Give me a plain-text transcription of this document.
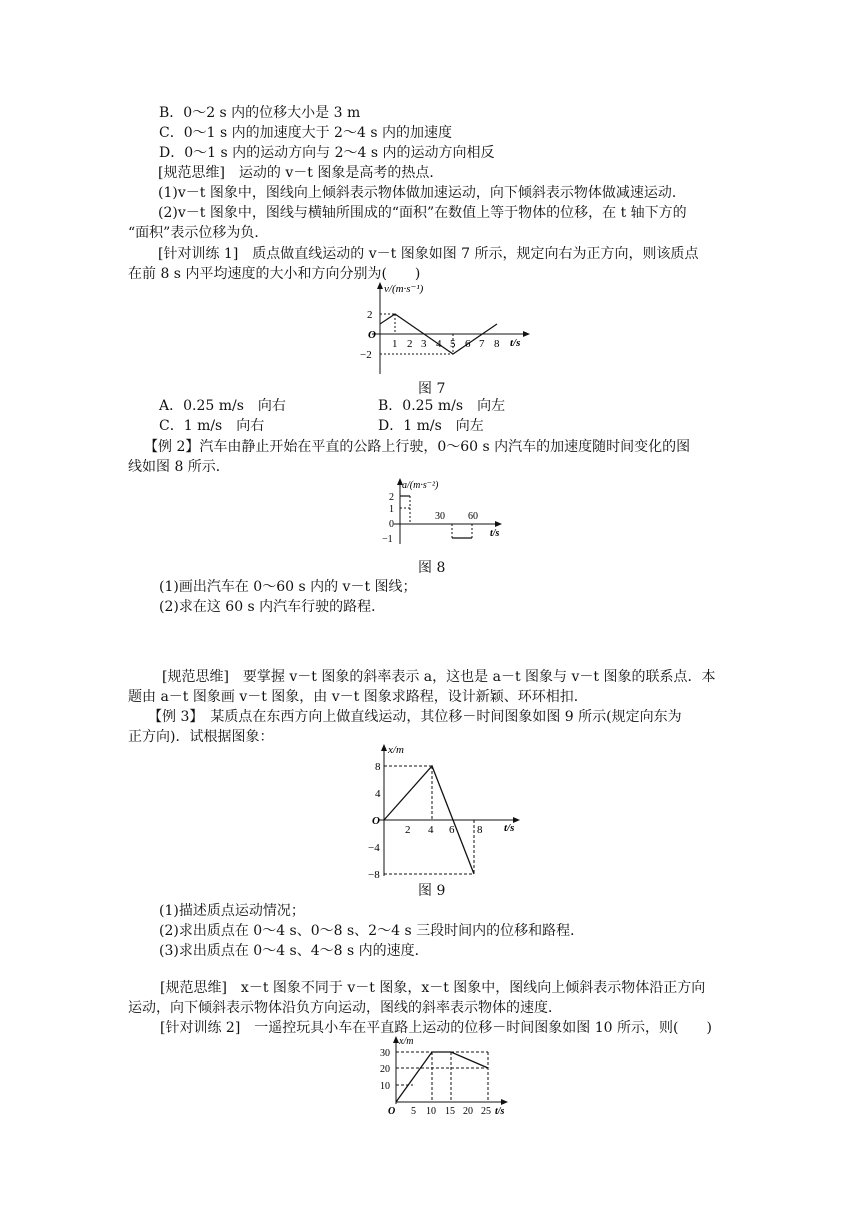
B．0～2 s 内的位移大小是 3 m
C．0～1 s 内的加速度大于 2～4 s 内的加速度
D．0～1 s 内的运动方向与 2～4 s 内的运动方向相反
[规范思维]　运动的 v－t 图象是高考的热点．
(1)v－t 图象中，图线向上倾斜表示物体做加速运动，向下倾斜表示物体做减速运动．
(2)v－t 图象中，图线与横轴所围成的“面积”在数值上等于物体的位移，在 t 轴下方的
“面积”表示位移为负．
[针对训练 1]　质点做直线运动的 v－t 图象如图 7 所示，规定向右为正方向，则该质点
在前 8 s 内平均速度的大小和方向分别为(　　)
v/(m·s⁻¹)
2
−2
O
1 2 3 4 5 6 7 8 t/s
图 7
A．0.25 m/s　向右	B．0.25 m/s　向左
C．1 m/s　向右	D．1 m/s　向左
【例 2】汽车由静止开始在平直的公路上行驶，0～60 s 内汽车的加速度随时间变化的图
线如图 8 所示．
a/(m·s⁻²)
2
1
0
−1
30 60
t/s
图 8
(1)画出汽车在 0～60 s 内的 v－t 图线；
(2)求在这 60 s 内汽车行驶的路程．
[规范思维]　要掌握 v－t 图象的斜率表示 a，这也是 a－t 图象与 v－t 图象的联系点．本
题由 a－t 图象画 v－t 图象，由 v－t 图象求路程，设计新颖、环环相扣．
【例 3】　某质点在东西方向上做直线运动，其位移－时间图象如图 9 所示(规定向东为
正方向)．试根据图象：
x/m
8
4
−4
−8
O
2 4 6 8 t/s
图 9
(1)描述质点运动情况；
(2)求出质点在 0～4 s、0～8 s、2～4 s 三段时间内的位移和路程．
(3)求出质点在 0～4 s、4～8 s 内的速度．
[规范思维]　x－t 图象不同于 v－t 图象，x－t 图象中，图线向上倾斜表示物体沿正方向
运动，向下倾斜表示物体沿负方向运动，图线的斜率表示物体的速度．
[针对训练 2]　一遥控玩具小车在平直路上运动的位移－时间图象如图 10 所示，则(　　)
x/m
30
20
10
O 5 10 15 20 25 t/s
